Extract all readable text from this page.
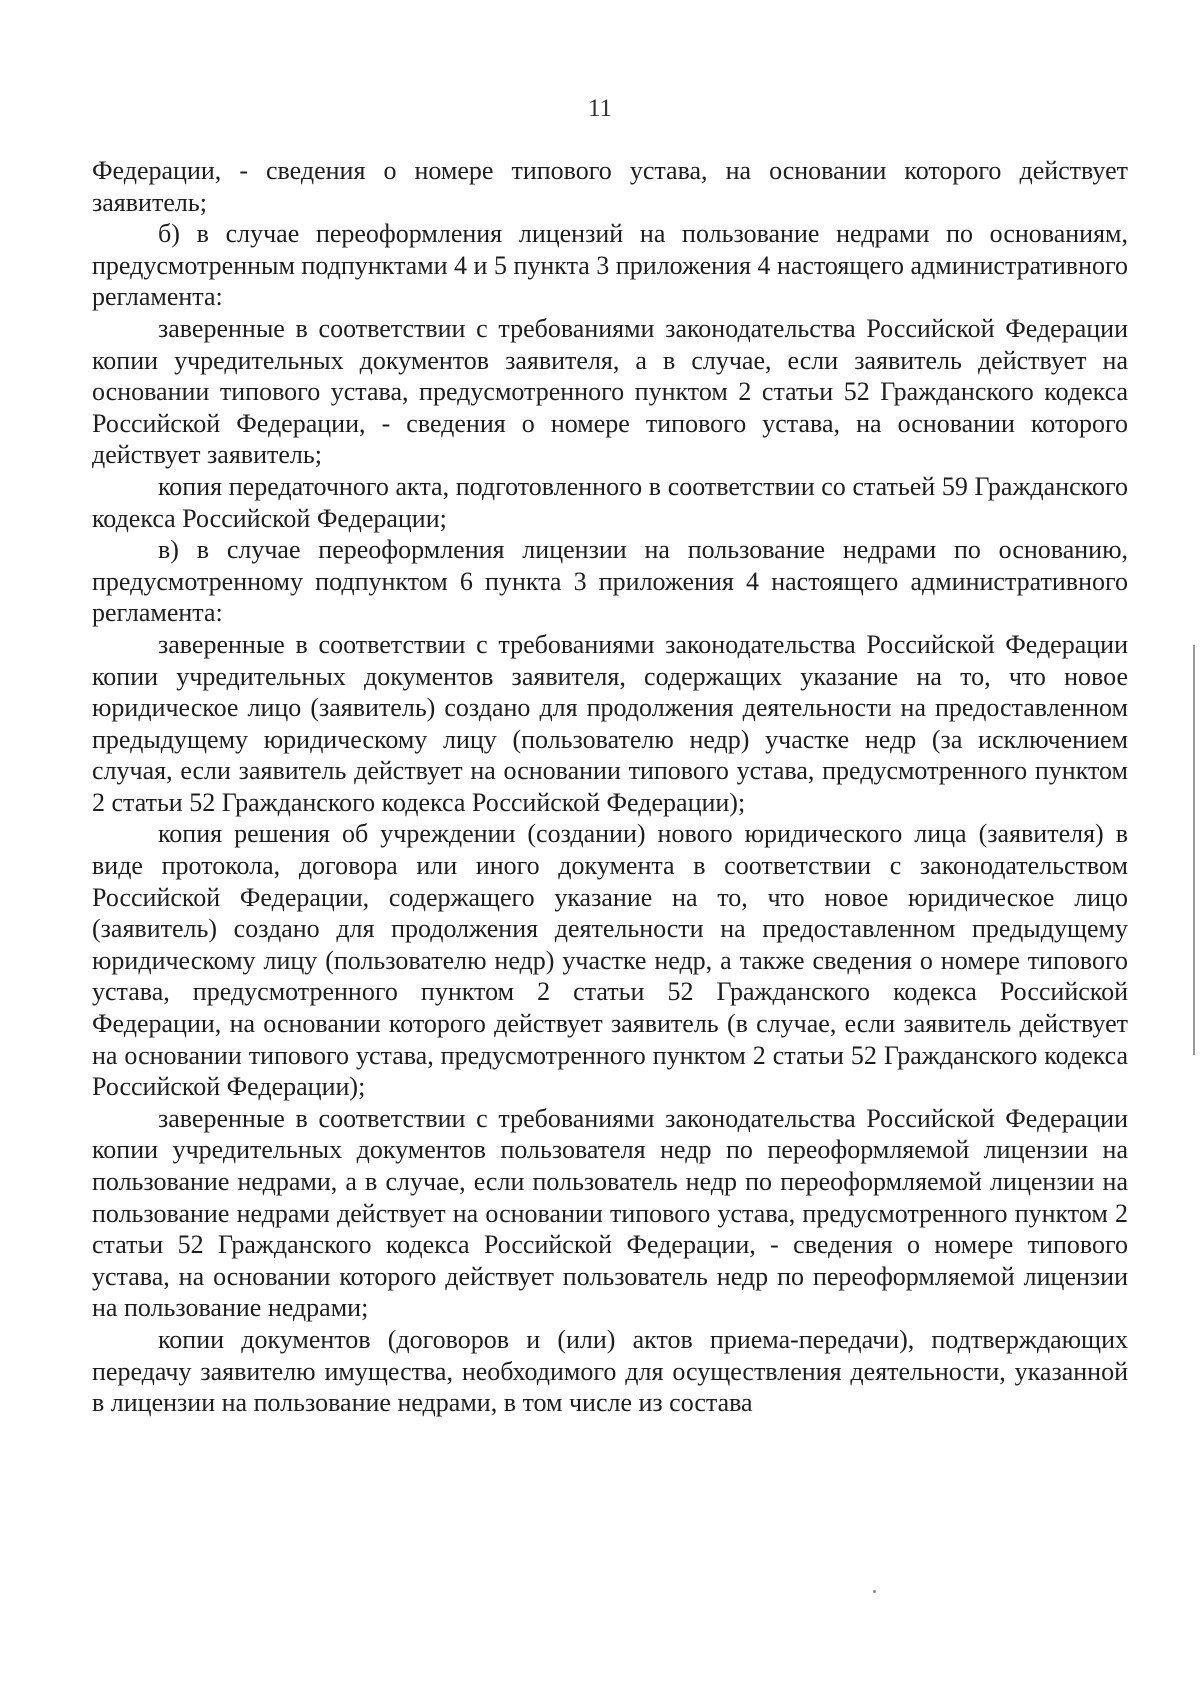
11

Федерации, - сведения о номере типового устава, на основании которого действует заявитель;

б) в случае переоформления лицензий на пользование недрами по основаниям, предусмотренным подпунктами 4 и 5 пункта 3 приложения 4 настоящего административного регламента:

заверенные в соответствии с требованиями законодательства Российской Федерации копии учредительных документов заявителя, а в случае, если заявитель действует на основании типового устава, предусмотренного пунктом 2 статьи 52 Гражданского кодекса Российской Федерации, - сведения о номере типового устава, на основании которого действует заявитель;

копия передаточного акта, подготовленного в соответствии со статьей 59 Гражданского кодекса Российской Федерации;

в) в случае переоформления лицензии на пользование недрами по основанию, предусмотренному подпунктом 6 пункта 3 приложения 4 настоящего административного регламента:

заверенные в соответствии с требованиями законодательства Российской Федерации копии учредительных документов заявителя, содержащих указание на то, что новое юридическое лицо (заявитель) создано для продолжения деятельности на предоставленном предыдущему юридическому лицу (пользователю недр) участке недр (за исключением случая, если заявитель действует на основании типового устава, предусмотренного пунктом 2 статьи 52 Гражданского кодекса Российской Федерации);

копия решения об учреждении (создании) нового юридического лица (заявителя) в виде протокола, договора или иного документа в соответствии с законодательством Российской Федерации, содержащего указание на то, что новое юридическое лицо (заявитель) создано для продолжения деятельности на предоставленном предыдущему юридическому лицу (пользователю недр) участке недр, а также сведения о номере типового устава, предусмотренного пунктом 2 статьи 52 Гражданского кодекса Российской Федерации, на основании которого действует заявитель (в случае, если заявитель действует на основании типового устава, предусмотренного пунктом 2 статьи 52 Гражданского кодекса Российской Федерации);

заверенные в соответствии с требованиями законодательства Российской Федерации копии учредительных документов пользователя недр по переоформляемой лицензии на пользование недрами, а в случае, если пользователь недр по переоформляемой лицензии на пользование недрами действует на основании типового устава, предусмотренного пунктом 2 статьи 52 Гражданского кодекса Российской Федерации, - сведения о номере типового устава, на основании которого действует пользователь недр по переоформляемой лицензии на пользование недрами;

копии документов (договоров и (или) актов приема-передачи), подтверждающих передачу заявителю имущества, необходимого для осуществления деятельности, указанной в лицензии на пользование недрами, в том числе из состава
